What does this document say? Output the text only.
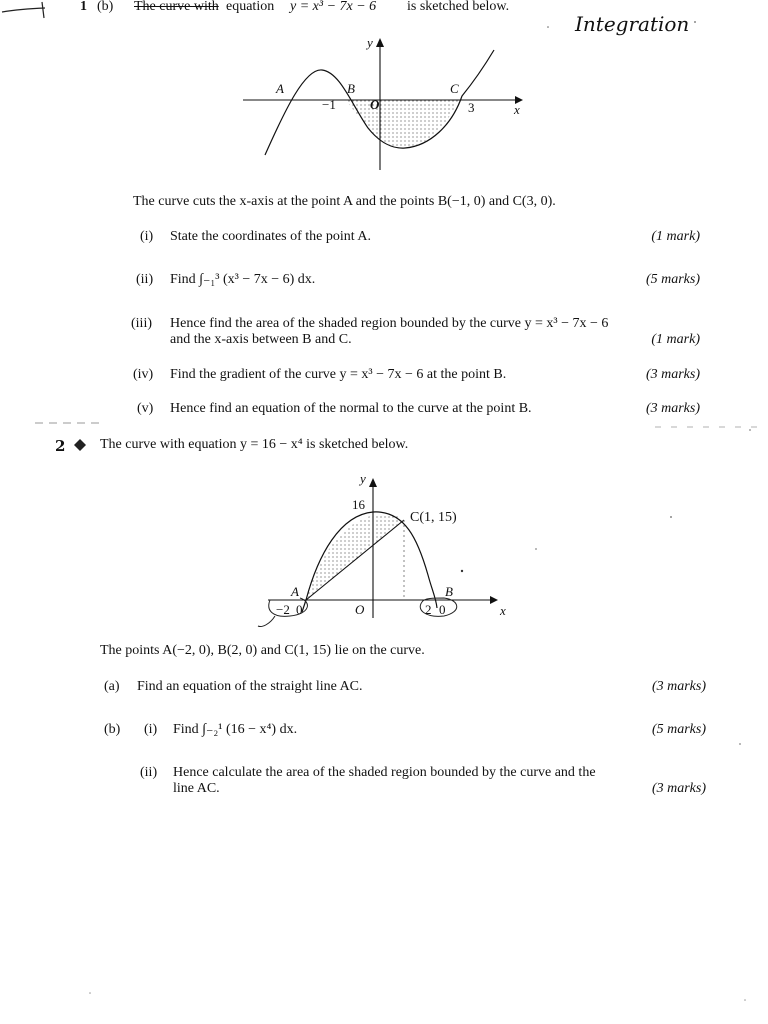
1 (b) The curve with equation y = x³ − 7x − 6 is sketched below.
Integration
y
x
A	B	C
−1	O	3
The curve cuts the x-axis at the point A and the points B(−1, 0) and C(3, 0).
(i) State the coordinates of the point A.	(1 mark)
(ii) Find ∫₋₁³ (x³ − 7x − 6) dx.	(5 marks)
(iii) Hence find the area of the shaded region bounded by the curve y = x³ − 7x − 6
and the x-axis between B and C.	(1 mark)
(iv) Find the gradient of the curve y = x³ − 7x − 6 at the point B.	(3 marks)
(v) Hence find an equation of the normal to the curve at the point B.	(3 marks)
2 The curve with equation y = 16 − x⁴ is sketched below.
y
16
C(1, 15)
A	B
−2 0	O	2 0	x
The points A(−2, 0), B(2, 0) and C(1, 15) lie on the curve.
(a) Find an equation of the straight line AC.	(3 marks)
(b) (i) Find ∫₋₂¹ (16 − x⁴) dx.	(5 marks)
(ii) Hence calculate the area of the shaded region bounded by the curve and the
line AC.	(3 marks)
